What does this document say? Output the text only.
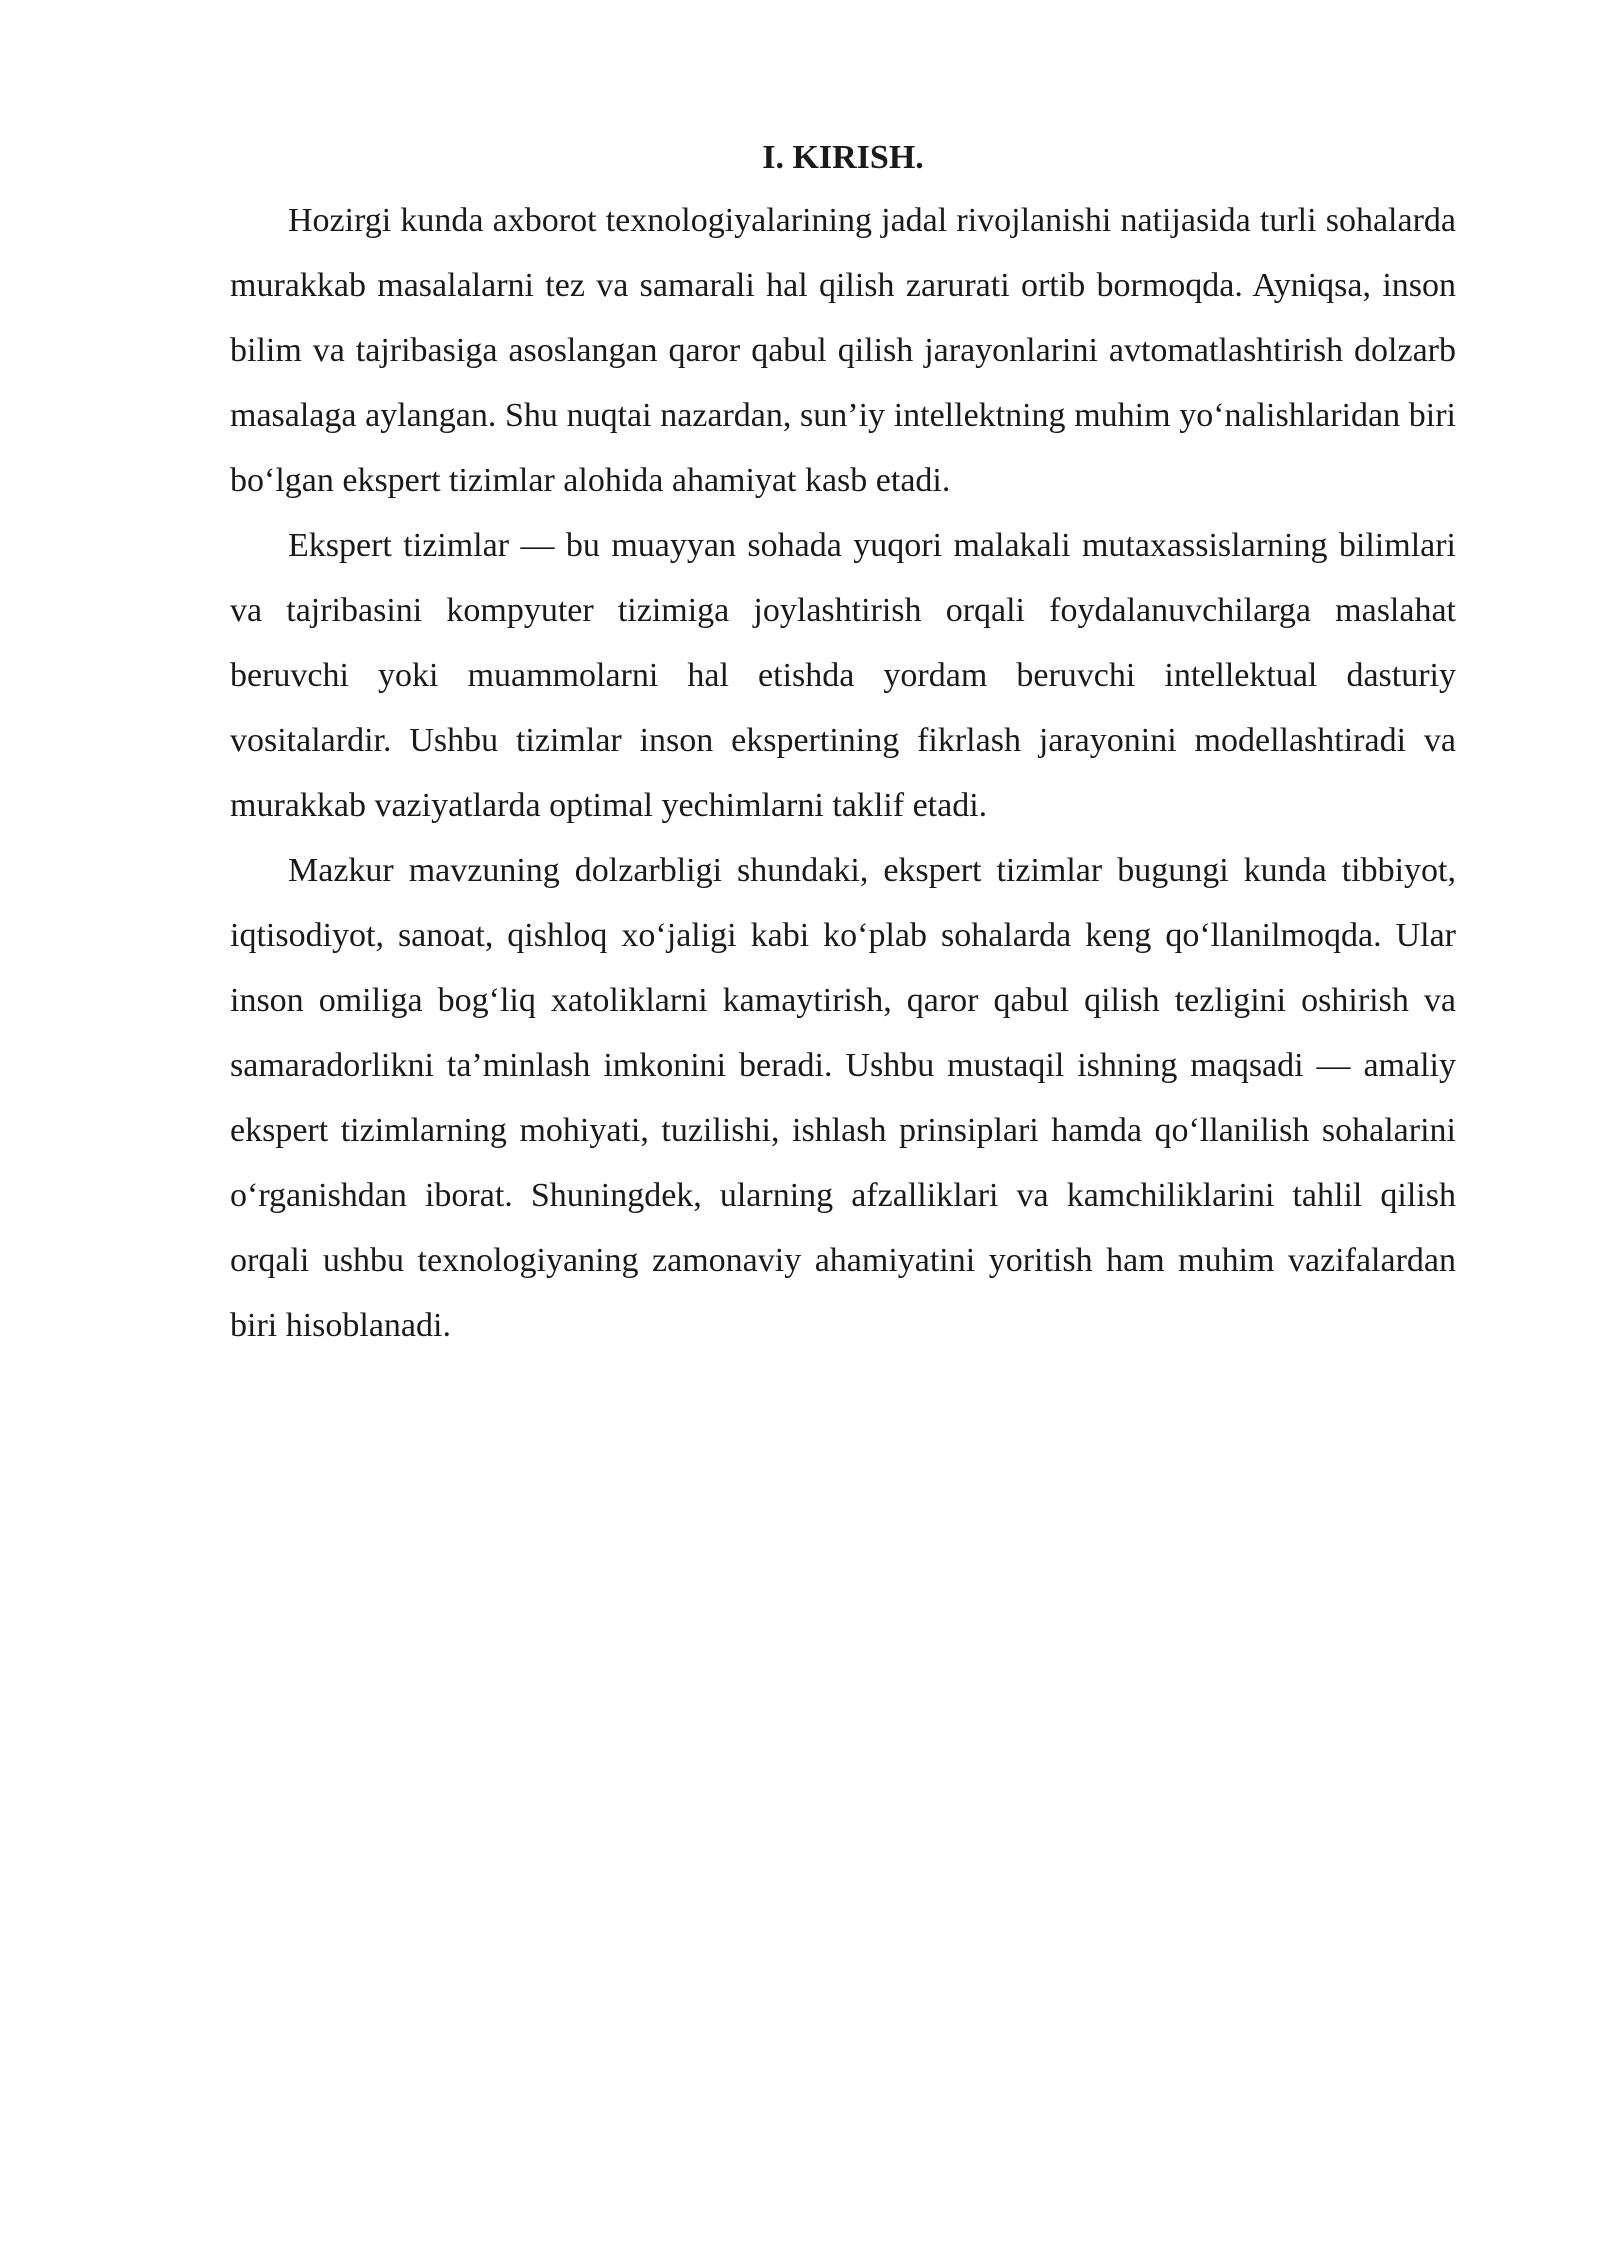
I. KIRISH.

Hozirgi kunda axborot texnologiyalarining jadal rivojlanishi natijasida turli sohalarda murakkab masalalarni tez va samarali hal qilish zarurati ortib bormoqda. Ayniqsa, inson bilim va tajribasiga asoslangan qaror qabul qilish jarayonlarini avtomatlashtirish dolzarb masalaga aylangan. Shu nuqtai nazardan, sun’iy intellektning muhim yo‘nalishlaridan biri bo‘lgan ekspert tizimlar alohida ahamiyat kasb etadi.

Ekspert tizimlar — bu muayyan sohada yuqori malakali mutaxassislarning bilimlari va tajribasini kompyuter tizimiga joylashtirish orqali foydalanuvchilarga maslahat beruvchi yoki muammolarni hal etishda yordam beruvchi intellektual dasturiy vositalardir. Ushbu tizimlar inson ekspertining fikrlash jarayonini modellashtiradi va murakkab vaziyatlarda optimal yechimlarni taklif etadi.

Mazkur mavzuning dolzarbligi shundaki, ekspert tizimlar bugungi kunda tibbiyot, iqtisodiyot, sanoat, qishloq xo‘jaligi kabi ko‘plab sohalarda keng qo‘llanilmoqda. Ular inson omiliga bog‘liq xatoliklarni kamaytirish, qaror qabul qilish tezligini oshirish va samaradorlikni ta’minlash imkonini beradi. Ushbu mustaqil ishning maqsadi — amaliy ekspert tizimlarning mohiyati, tuzilishi, ishlash prinsiplari hamda qo‘llanilish sohalarini o‘rganishdan iborat. Shuningdek, ularning afzalliklari va kamchiliklarini tahlil qilish orqali ushbu texnologiyaning zamonaviy ahamiyatini yoritish ham muhim vazifalardan biri hisoblanadi.
